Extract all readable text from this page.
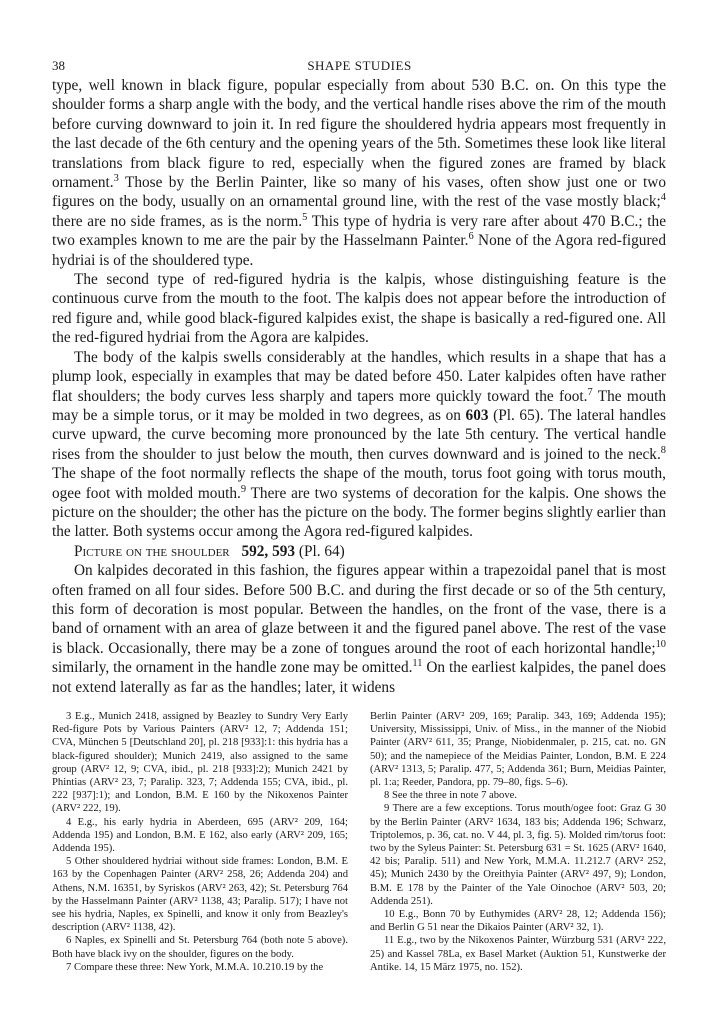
38	SHAPE STUDIES

type, well known in black figure, popular especially from about 530 B.C. on. On this type the shoulder forms a sharp angle with the body, and the vertical handle rises above the rim of the mouth before curving downward to join it. In red figure the shouldered hydria appears most frequently in the last decade of the 6th century and the opening years of the 5th. Sometimes these look like literal translations from black figure to red, especially when the figured zones are framed by black ornament.$^3$ Those by the Berlin Painter, like so many of his vases, often show just one or two figures on the body, usually on an ornamental ground line, with the rest of the vase mostly black;$^4$ there are no side frames, as is the norm.$^5$ This type of hydria is very rare after about 470 B.C.; the two examples known to me are the pair by the Hasselmann Painter.$^6$ None of the Agora red-figured hydriai is of the shouldered type.

The second type of red-figured hydria is the kalpis, whose distinguishing feature is the continuous curve from the mouth to the foot. The kalpis does not appear before the introduction of red figure and, while good black-figured kalpides exist, the shape is basically a red-figured one. All the red-figured hydriai from the Agora are kalpides.

The body of the kalpis swells considerably at the handles, which results in a shape that has a plump look, especially in examples that may be dated before 450. Later kalpides often have rather flat shoulders; the body curves less sharply and tapers more quickly toward the foot.$^7$ The mouth may be a simple torus, or it may be molded in two degrees, as on 603 (Pl. 65). The lateral handles curve upward, the curve becoming more pronounced by the late 5th century. The vertical handle rises from the shoulder to just below the mouth, then curves downward and is joined to the neck.$^8$ The shape of the foot normally reflects the shape of the mouth, torus foot going with torus mouth, ogee foot with molded mouth.$^9$ There are two systems of decoration for the kalpis. One shows the picture on the shoulder; the other has the picture on the body. The former begins slightly earlier than the latter. Both systems occur among the Agora red-figured kalpides.

Picture on the shoulder 592, 593 (Pl. 64)

On kalpides decorated in this fashion, the figures appear within a trapezoidal panel that is most often framed on all four sides. Before 500 B.C. and during the first decade or so of the 5th century, this form of decoration is most popular. Between the handles, on the front of the vase, there is a band of ornament with an area of glaze between it and the figured panel above. The rest of the vase is black. Occasionally, there may be a zone of tongues around the root of each horizontal handle;$^{10}$ similarly, the ornament in the handle zone may be omitted.$^{11}$ On the earliest kalpides, the panel does not extend laterally as far as the handles; later, it widens

3 E.g., Munich 2418, assigned by Beazley to Sundry Very Early Red-figure Pots by Various Painters (ARV² 12, 7; Addenda 151; CVA, München 5 [Deutschland 20], pl. 218 [933]:1: this hydria has a black-figured shoulder); Munich 2419, also assigned to the same group (ARV² 12, 9; CVA, ibid., pl. 218 [933]:2); Munich 2421 by Phintias (ARV² 23, 7; Paralip. 323, 7; Addenda 155; CVA, ibid., pl. 222 [937]:1); and London, B.M. E 160 by the Nikoxenos Painter (ARV² 222, 19).

4 E.g., his early hydria in Aberdeen, 695 (ARV² 209, 164; Addenda 195) and London, B.M. E 162, also early (ARV² 209, 165; Addenda 195).

5 Other shouldered hydriai without side frames: London, B.M. E 163 by the Copenhagen Painter (ARV² 258, 26; Addenda 204) and Athens, N.M. 16351, by Syriskos (ARV² 263, 42); St. Petersburg 764 by the Hasselmann Painter (ARV² 1138, 43; Paralip. 517); I have not see his hydria, Naples, ex Spinelli, and know it only from Beazley's description (ARV² 1138, 42).

6 Naples, ex Spinelli and St. Petersburg 764 (both note 5 above). Both have black ivy on the shoulder, figures on the body.

7 Compare these three: New York, M.M.A. 10.210.19 by the

Berlin Painter (ARV² 209, 169; Paralip. 343, 169; Addenda 195); University, Mississippi, Univ. of Miss., in the manner of the Niobid Painter (ARV² 611, 35; Prange, Niobidenmaler, p. 215, cat. no. GN 50); and the namepiece of the Meidias Painter, London, B.M. E 224 (ARV² 1313, 5; Paralip. 477, 5; Addenda 361; Burn, Meidias Painter, pl. 1:a; Reeder, Pandora, pp. 79–80, figs. 5–6).

8 See the three in note 7 above.

9 There are a few exceptions. Torus mouth/ogee foot: Graz G 30 by the Berlin Painter (ARV² 1634, 183 bis; Addenda 196; Schwarz, Triptolemos, p. 36, cat. no. V 44, pl. 3, fig. 5). Molded rim/torus foot: two by the Syleus Painter: St. Petersburg 631 = St. 1625 (ARV² 1640, 42 bis; Paralip. 511) and New York, M.M.A. 11.212.7 (ARV² 252, 45); Munich 2430 by the Oreithyia Painter (ARV² 497, 9); London, B.M. E 178 by the Painter of the Yale Oinochoe (ARV² 503, 20; Addenda 251).

10 E.g., Bonn 70 by Euthymides (ARV² 28, 12; Addenda 156); and Berlin G 51 near the Dikaios Painter (ARV² 32, 1).

11 E.g., two by the Nikoxenos Painter, Würzburg 531 (ARV² 222, 25) and Kassel 78La, ex Basel Market (Auktion 51, Kunstwerke der Antike. 14, 15 März 1975, no. 152).
